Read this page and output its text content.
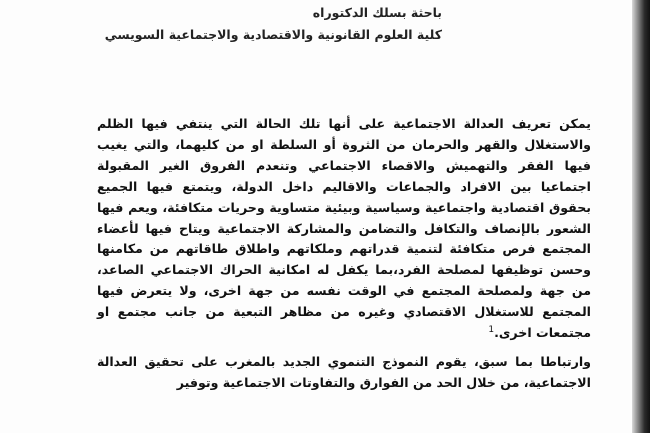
باحثة بسلك الدكتوراه
كلية العلوم القانونية والاقتصادية والاجتماعية السويسي

يمكن تعريف العدالة الاجتماعية على أنها تلك الحالة التي ينتفي فيها الظلم والاستغلال والقهر والحرمان من الثروة أو السلطة او من كليهما، والتي يغيب فيها الفقر والتهميش والاقصاء الاجتماعي وتنعدم الفروق الغير المقبولة اجتماعيا بين الافراد والجماعات والاقاليم داخل الدولة، ويتمتع فيها الجميع بحقوق اقتصادية واجتماعية وسياسية وبيئية متساوية وحريات متكافئة، ويعم فيها الشعور بالإنصاف والتكافل والتضامن والمشاركة الاجتماعية ويتاح فيها لأعضاء المجتمع فرص متكافئة لتنمية قدراتهم وملكاتهم واطلاق طاقاتهم من مكامنها وحسن توظيفها لمصلحة الفرد،بما يكفل له امكانية الحراك الاجتماعي الصاعد، من جهة ولمصلحة المجتمع في الوقت نفسه من جهة اخرى، ولا يتعرض فيها المجتمع للاستغلال الاقتصادي وغيره من مظاهر التبعية من جانب مجتمع او مجتمعات اخرى.$^1$

وارتباطا بما سبق، يقوم النموذج التنموي الجديد بالمغرب على تحقيق العدالة الاجتماعية، من خلال الحد من الفوارق والتفاوتات الاجتماعية وتوفير
